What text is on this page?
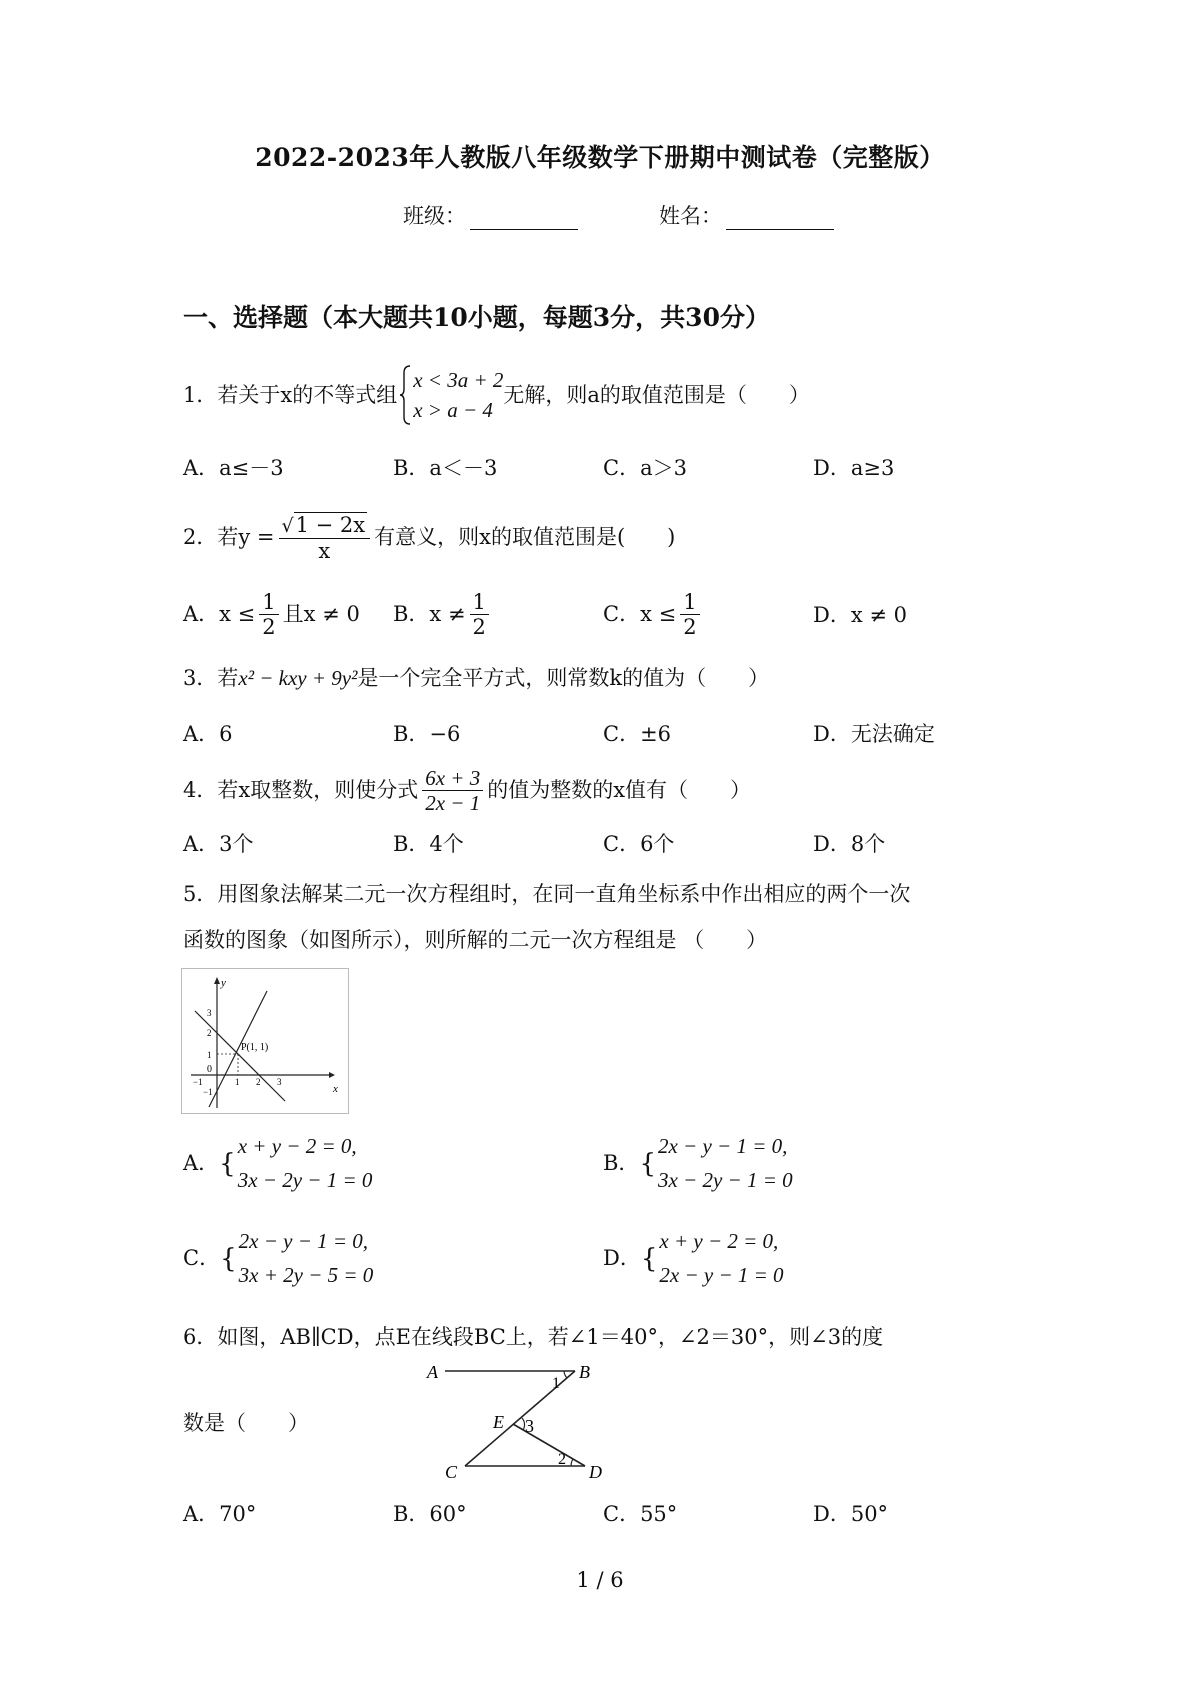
2022-2023年人教版八年级数学下册期中测试卷（完整版）
班级：	姓名：
一、选择题（本大题共10小题，每题3分，共30分）
1．若关于x的不等式组
x < 3a + 2
x > a − 4
无解，则a的取值范围是（　　）
A．a≤－3	B．a＜－3	C．a＞3	D．a≥3
2．若$y = \frac{√1 - 2x}{x}$ 有意义，则x的取值范围是(　　)
A．$x \le \frac{1}{2}$ 且x ≠ 0 B．$x \ne \frac{1}{2}$	C．$x \le \frac{1}{2}$	D．x ≠ 0
3．若x² − kxy + 9y²是一个完全平方式，则常数k的值为（　　）
A．6	B．−6	C．±6	D．无法确定
4．若x取整数，则使分式 $\frac{6x + 3}{2x - 1}$ 的值为整数的x值有（　　）
A．3个	B．4个	C．6个	D．8个
5．用图象法解某二元一次方程组时，在同一直角坐标系中作出相应的两个一次
函数的图象（如图所示），则所解的二元一次方程组是 （　　）
y
x
0
P(1, 1)
−1	1 2 3
3
2
1
−1
A．{
x + y − 2 = 0,
3x − 2y − 1 = 0
B．{
2x − y − 1 = 0,
3x − 2y − 1 = 0
C．{
2x − y − 1 = 0,
3x + 2y − 5 = 0
D．{
x + y − 2 = 0,
2x − y − 1 = 0
6．如图，AB∥CD，点E在线段BC上，若∠1＝40°，∠2＝30°，则∠3的度
数是（　　）
A	B
C	D
E
1
3
2
A．70°	B．60°	C．55°	D．50°
1 / 6
